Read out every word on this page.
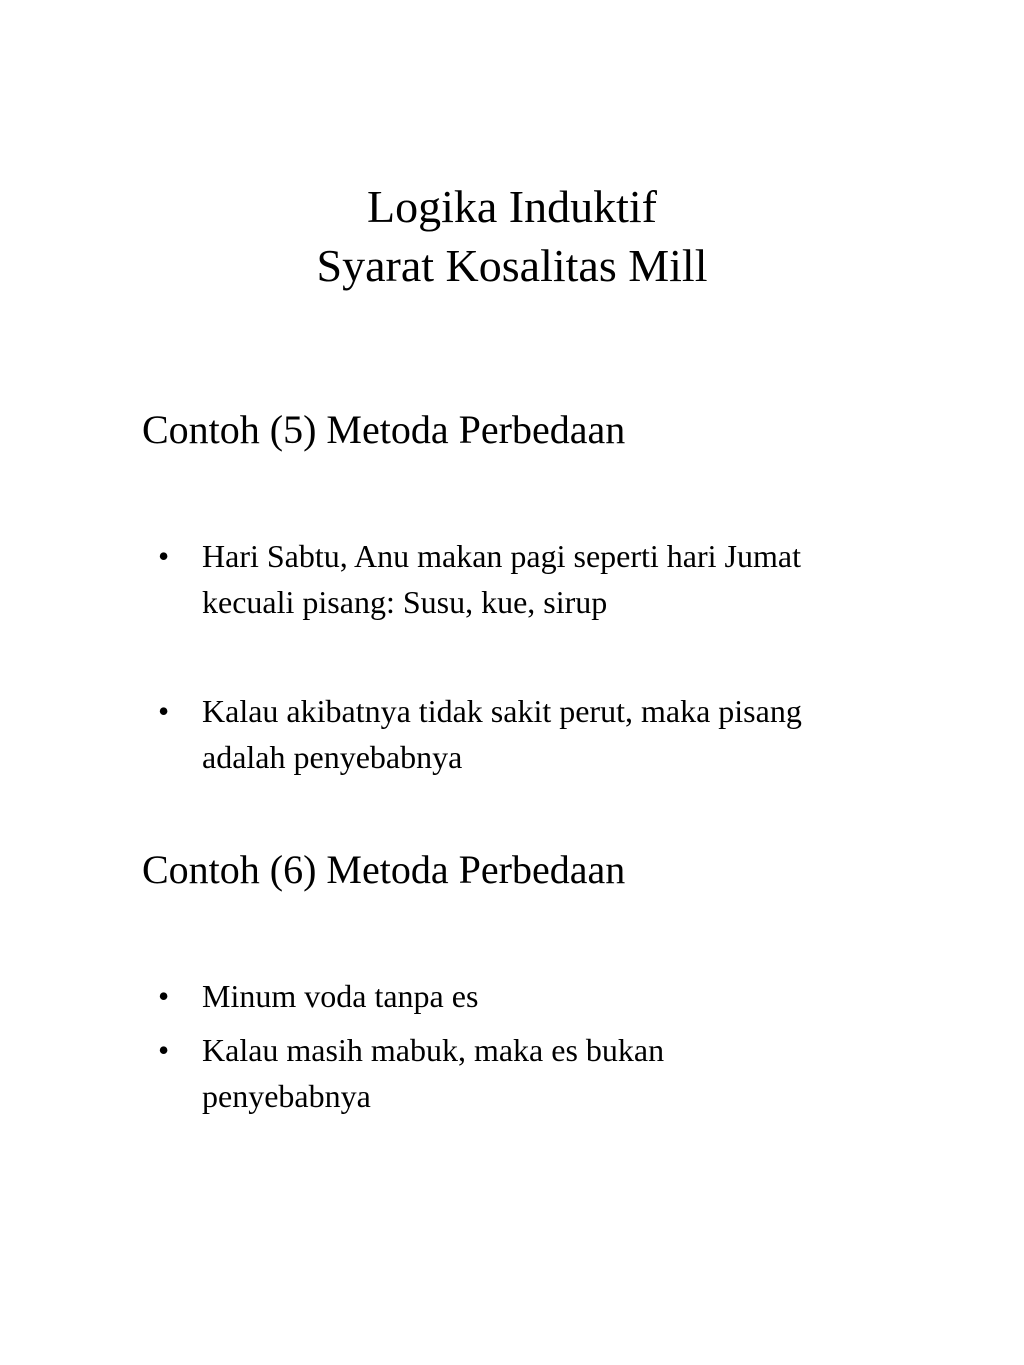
Logika Induktif
Syarat Kosalitas Mill
Contoh (5) Metoda Perbedaan
•	Hari Sabtu, Anu makan pagi seperti hari Jumat
kecuali pisang: Susu, kue, sirup
•	Kalau akibatnya tidak sakit perut, maka pisang
adalah penyebabnya
Contoh (6) Metoda Perbedaan
•	Minum voda tanpa es
•	Kalau masih mabuk, maka es bukan
penyebabnya
